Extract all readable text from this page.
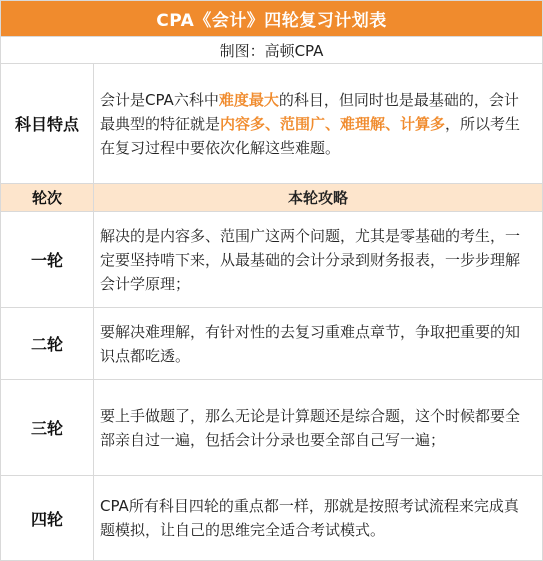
CPA《会计》四轮复习计划表
制图：高顿CPA
科目特点

会计是CPA六科中难度最大的科目，但同时也是最基础的，会计最典型的特征就是内容多、范围广、难理解、计算多，所以考生在复习过程中要依次化解这些难题。

轮次	本轮攻略
一轮

解决的是内容多、范围广这两个问题，尤其是零基础的考生，一定要坚持啃下来，从最基础的会计分录到财务报表，一步步理解会计学原理；

二轮

要解决难理解，有针对性的去复习重难点章节，争取把重要的知识点都吃透。

三轮

要上手做题了，那么无论是计算题还是综合题，这个时候都要全部亲自过一遍，包括会计分录也要全部自己写一遍；

四轮

CPA所有科目四轮的重点都一样，那就是按照考试流程来完成真题模拟，让自己的思维完全适合考试模式。
